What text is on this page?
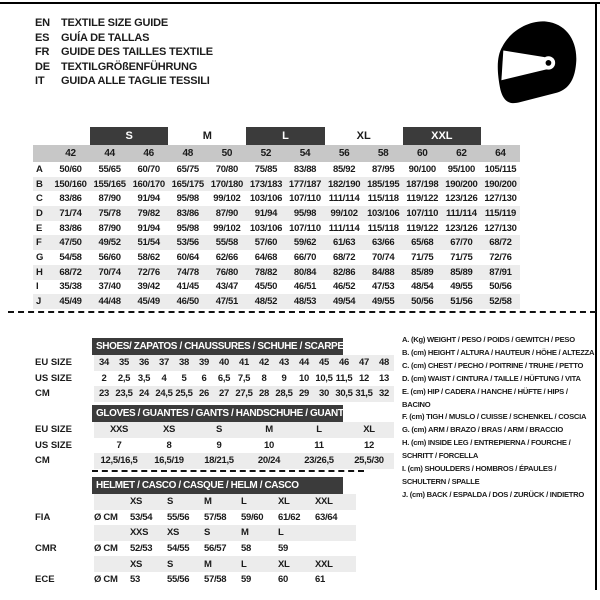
EN	TEXTILE SIZE GUIDE
ES	GUÍA DE TALLAS
FR	GUIDE DES TAILLES TEXTILE
DE	TEXTILGRÖßENFÜHRUNG
IT	GUIDA ALLE TAGLIE TESSILI
S	M	L	XL	XXL
42	44	46	48	50	52	54	56	58	60	62	64
A	50/60	55/65	60/70	65/75	70/80	75/85	83/88	85/92	87/95	90/100	95/100	105/115
B	150/160 155/165 160/170 165/175 170/180 173/183 177/187 182/190 185/195 187/198 190/200 190/200
C	83/86	87/90	91/94	95/98	99/102 103/106 107/110 111/114 115/118 119/122 123/126 127/130
D	71/74	75/78	79/82	83/86	87/90	91/94	95/98	99/102 103/106 107/110 111/114 115/119
E	83/86	87/90	91/94	95/98	99/102 103/106 107/110 111/114 115/118 119/122 123/126 127/130
F	47/50	49/52	51/54	53/56	55/58	57/60	59/62	61/63	63/66	65/68	67/70	68/72
G	54/58	56/60	58/62	60/64	62/66	64/68	66/70	68/72	70/74	71/75	71/75	72/76
H	68/72	70/74	72/76	74/78	76/80	78/82	80/84	82/86	84/88	85/89	85/89	87/91
I	35/38	37/40	39/42	41/45	43/47	45/50	46/51	46/52	47/53	48/54	49/55	50/56
J	45/49	44/48	45/49	46/50	47/51	48/52	48/53	49/54	49/55	50/56	51/56	52/58
SHOES/ ZAPATOS / CHAUSSURES / SCHUHE / SCARPE
EU SIZE	34	35	36	37	38	39	40	41	42	43	44	45	46	47	48
US SIZE	2	2,5 3,5	4	5	6	6,5 7,5	8	9	10 10,5 11,5 12	13
CM	23 23,5 24 24,5 25,5 26	27 27,5 28 28,5 29	30 30,5 31,5 32
GLOVES / GUANTES / GANTS / HANDSCHUHE / GUANTI
EU SIZE	XXS	XS	S	M	L	XL
US SIZE	7	8	9	10	11	12
CM	12,5/16,5	16,5/19	18/21,5	20/24	23/26,5	25,5/30
HELMET / CASCO / CASQUE / HELM / CASCO
XS	S	M	L	XL	XXL
FIA	Ø CM	53/54	55/56	57/58	59/60	61/62	63/64
XXS	XS	S	M	L
CMR	Ø CM	52/53	54/55	56/57	58	59
XS	S	M	L	XL	XXL
ECE	Ø CM	53	55/56	57/58	59	60	61
A. (Kg) WEIGHT / PESO / POIDS / GEWITCH / PESO
B. (cm) HEIGHT / ALTURA / HAUTEUR / HÖHE / ALTEZZA
C. (cm) CHEST / PECHO / POITRINE / TRUHE / PETTO
D. (cm) WAIST / CINTURA / TAILLE / HÜFTUNG / VITA
E. (cm) HIP / CADERA / HANCHE / HÜFTE / HIPS / BACINO
F. (cm) TIGH / MUSLO / CUISSE / SCHENKEL / COSCIA
G. (cm) ARM / BRAZO / BRAS / ARM / BRACCIO
H. (cm) INSIDE LEG / ENTREPIERNA / FOURCHE / SCHRITT / FORCELLA
I. (cm) SHOULDERS / HOMBROS / ÉPAULES / SCHULTERN / SPALLE
J. (cm) BACK / ESPALDA / DOS / ZURÜCK / INDIETRO
